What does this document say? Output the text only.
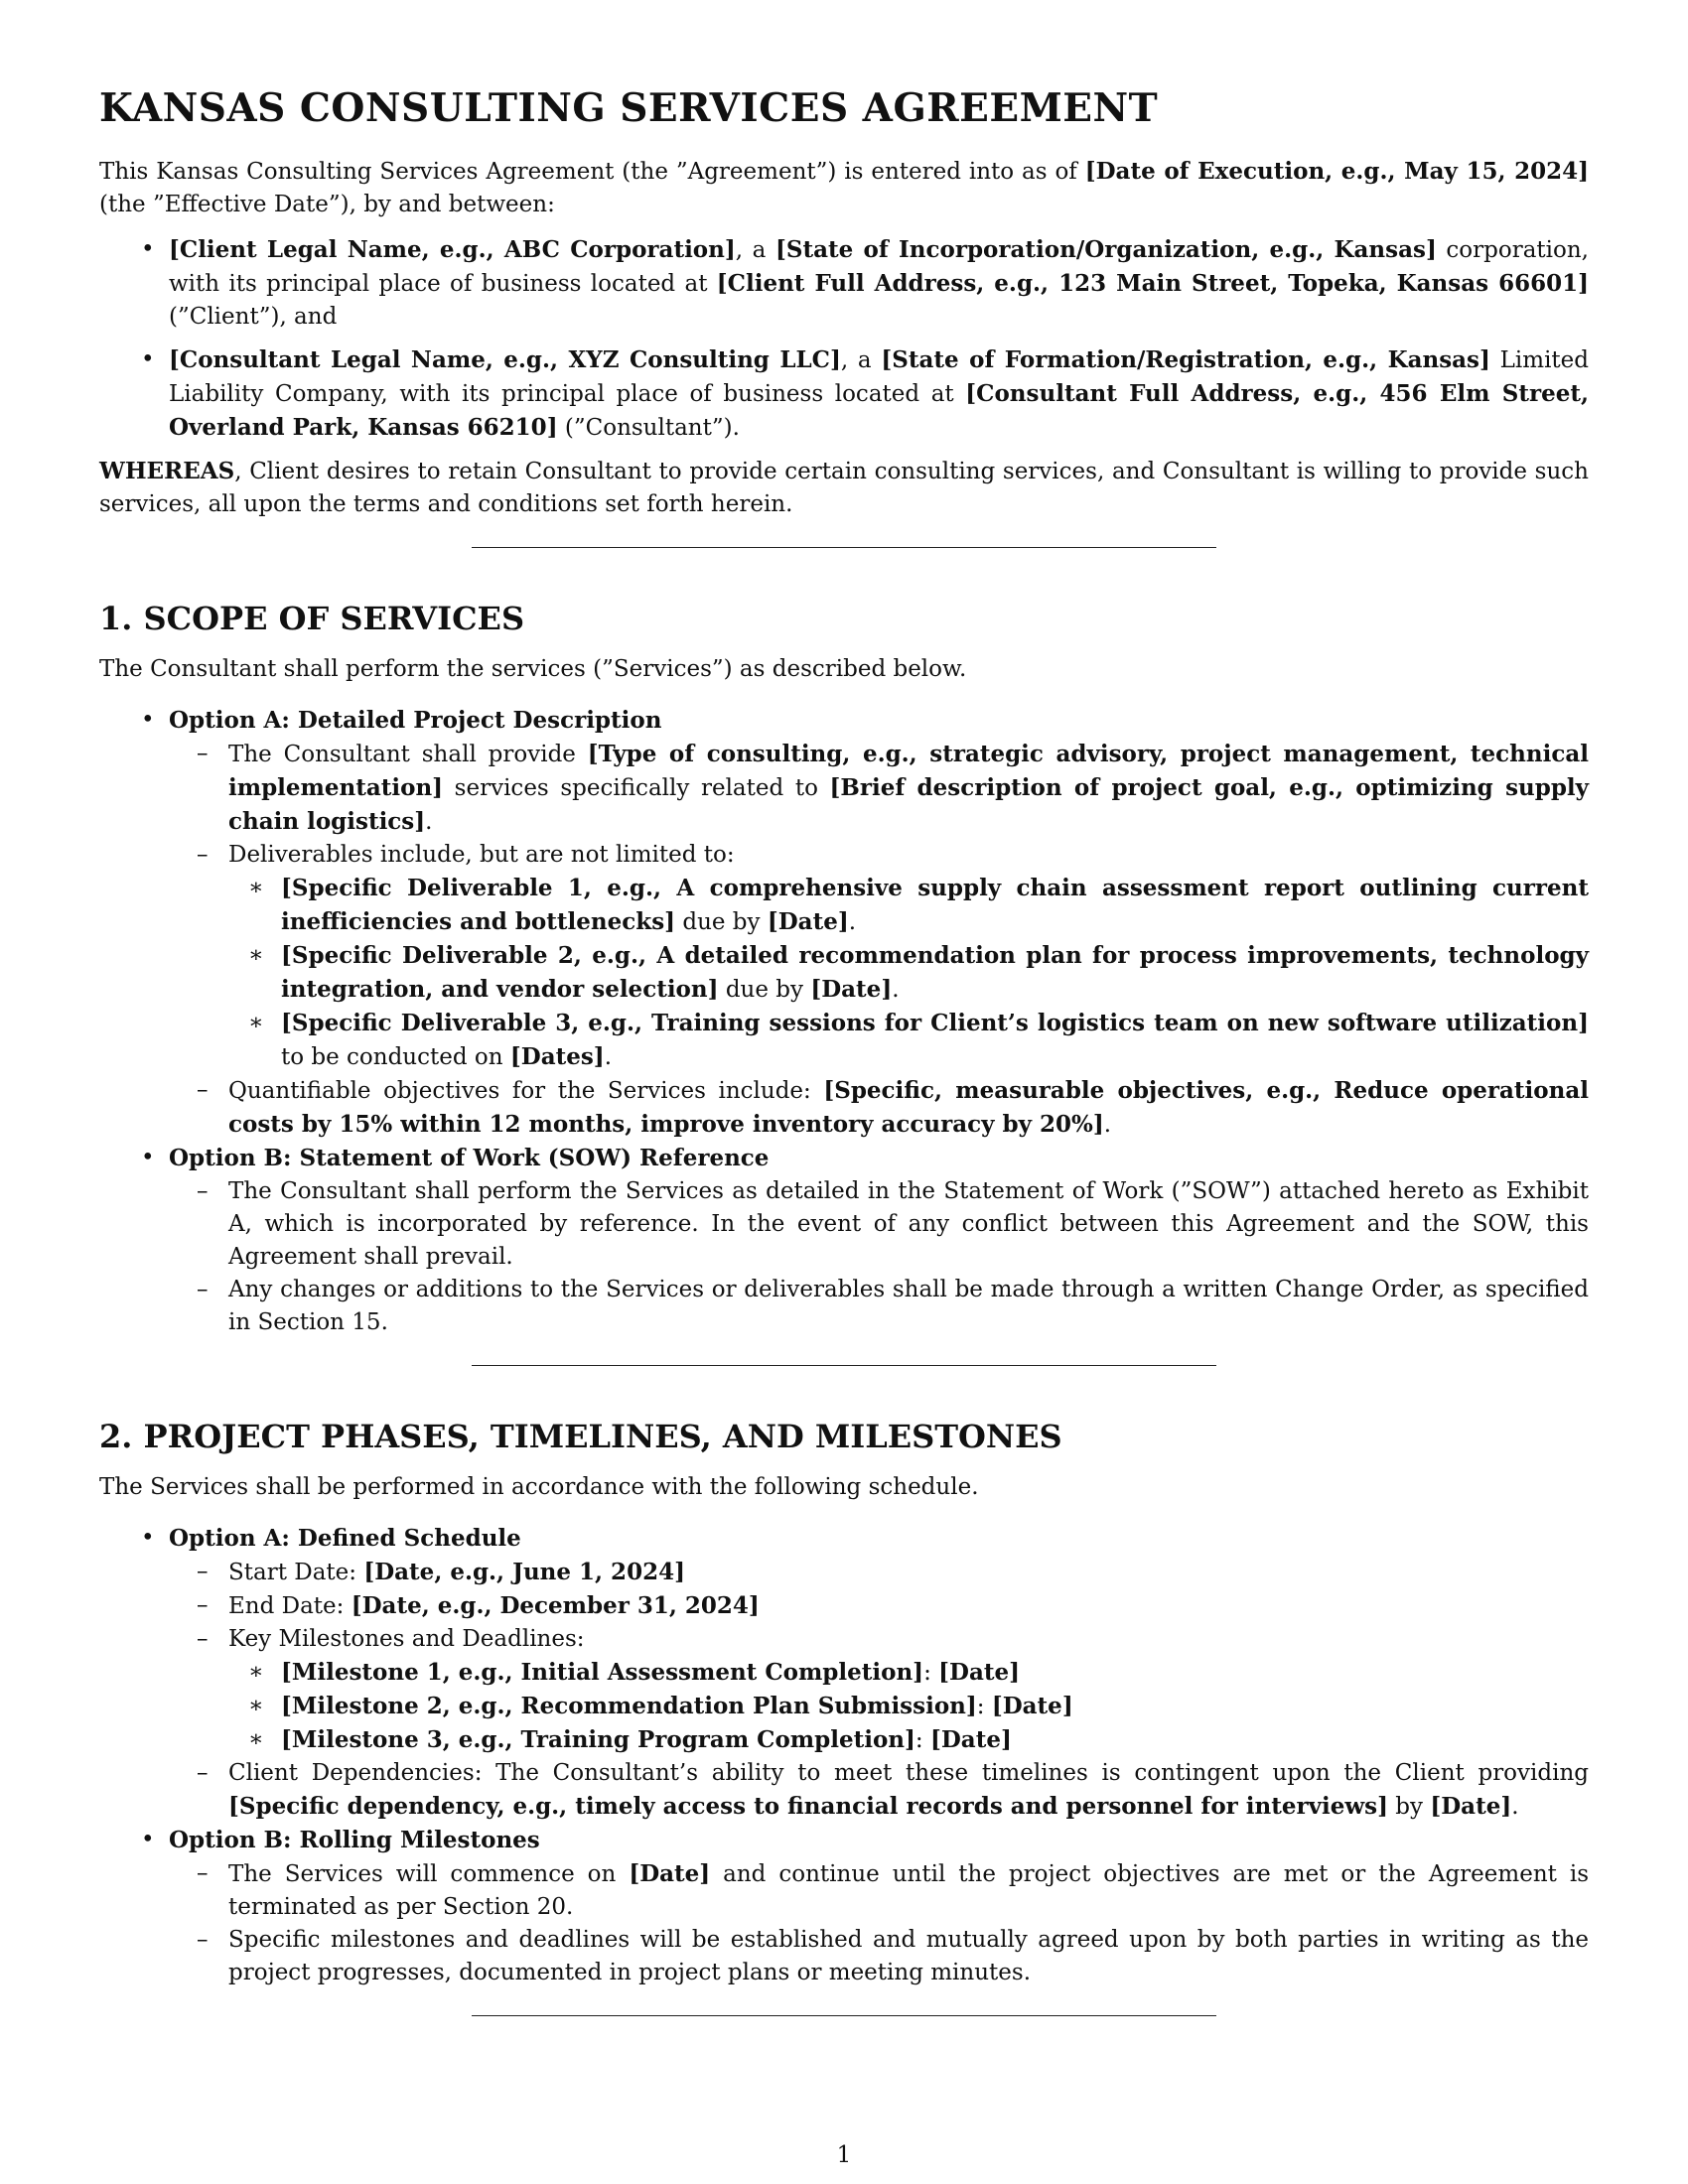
KANSAS CONSULTING SERVICES AGREEMENT

This Kansas Consulting Services Agreement (the ”Agreement”) is entered into as of [Date of Execution, e.g., May 15, 2024] (the ”Effective Date”), by and between:

• [Client Legal Name, e.g., ABC Corporation], a [State of Incorporation/Organization, e.g., Kansas] corporation, with its principal place of business located at [Client Full Address, e.g., 123 Main Street, Topeka, Kansas 66601] (”Client”), and
• [Consultant Legal Name, e.g., XYZ Consulting LLC], a [State of Formation/Registration, e.g., Kansas] Limited Liability Company, with its principal place of business located at [Consultant Full Address, e.g., 456 Elm Street, Overland Park, Kansas 66210] (”Consultant”).

WHEREAS, Client desires to retain Consultant to provide certain consulting services, and Consultant is willing to provide such services, all upon the terms and conditions set forth herein.

1. SCOPE OF SERVICES

The Consultant shall perform the services (”Services”) as described below.

• Option A: Detailed Project Description
– The Consultant shall provide [Type of consulting, e.g., strategic advisory, project management, technical implementation] services specifically related to [Brief description of project goal, e.g., optimizing supply chain logistics].
– Deliverables include, but are not limited to:
∗ [Specific Deliverable 1, e.g., A comprehensive supply chain assessment report outlining current inefficiencies and bottlenecks] due by [Date].
∗ [Specific Deliverable 2, e.g., A detailed recommendation plan for process improvements, technology integration, and vendor selection] due by [Date].
∗ [Specific Deliverable 3, e.g., Training sessions for Client’s logistics team on new software utilization] to be conducted on [Dates].
– Quantifiable objectives for the Services include: [Specific, measurable objectives, e.g., Reduce operational costs by 15% within 12 months, improve inventory accuracy by 20%].
• Option B: Statement of Work (SOW) Reference
– The Consultant shall perform the Services as detailed in the Statement of Work (”SOW”) attached hereto as Exhibit A, which is incorporated by reference. In the event of any conflict between this Agreement and the SOW, this Agreement shall prevail.
– Any changes or additions to the Services or deliverables shall be made through a written Change Order, as specified in Section 15.
2. PROJECT PHASES, TIMELINES, AND MILESTONES

The Services shall be performed in accordance with the following schedule.

• Option A: Defined Schedule
– Start Date: [Date, e.g., June 1, 2024]
– End Date: [Date, e.g., December 31, 2024]
– Key Milestones and Deadlines:
∗ [Milestone 1, e.g., Initial Assessment Completion]: [Date]
∗ [Milestone 2, e.g., Recommendation Plan Submission]: [Date]
∗ [Milestone 3, e.g., Training Program Completion]: [Date]
– Client Dependencies: The Consultant’s ability to meet these timelines is contingent upon the Client providing [Specific dependency, e.g., timely access to financial records and personnel for interviews] by [Date].
• Option B: Rolling Milestones
– The Services will commence on [Date] and continue until the project objectives are met or the Agreement is terminated as per Section 20.
– Specific milestones and deadlines will be established and mutually agreed upon by both parties in writing as the project progresses, documented in project plans or meeting minutes.
1
